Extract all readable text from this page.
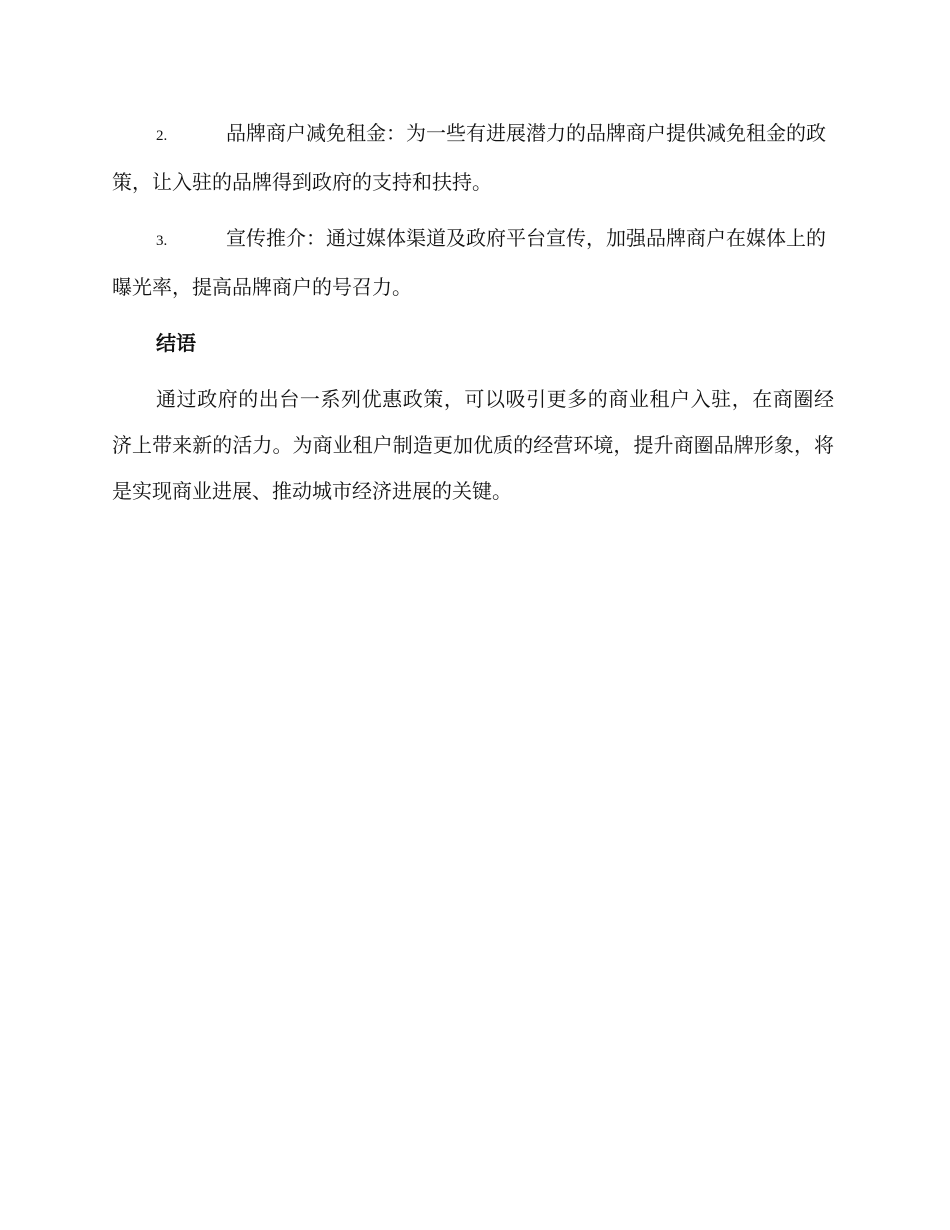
2.	品牌商户减免租金：为一些有进展潜力的品牌商户提供减免租金的政策，让入驻的品牌得到政府的支持和扶持。

3.	宣传推介：通过媒体渠道及政府平台宣传，加强品牌商户在媒体上的曝光率，提高品牌商户的号召力。

结语

通过政府的出台一系列优惠政策，可以吸引更多的商业租户入驻，在商圈经济上带来新的活力。为商业租户制造更加优质的经营环境，提升商圈品牌形象，将是实现商业进展、推动城市经济进展的关键。
